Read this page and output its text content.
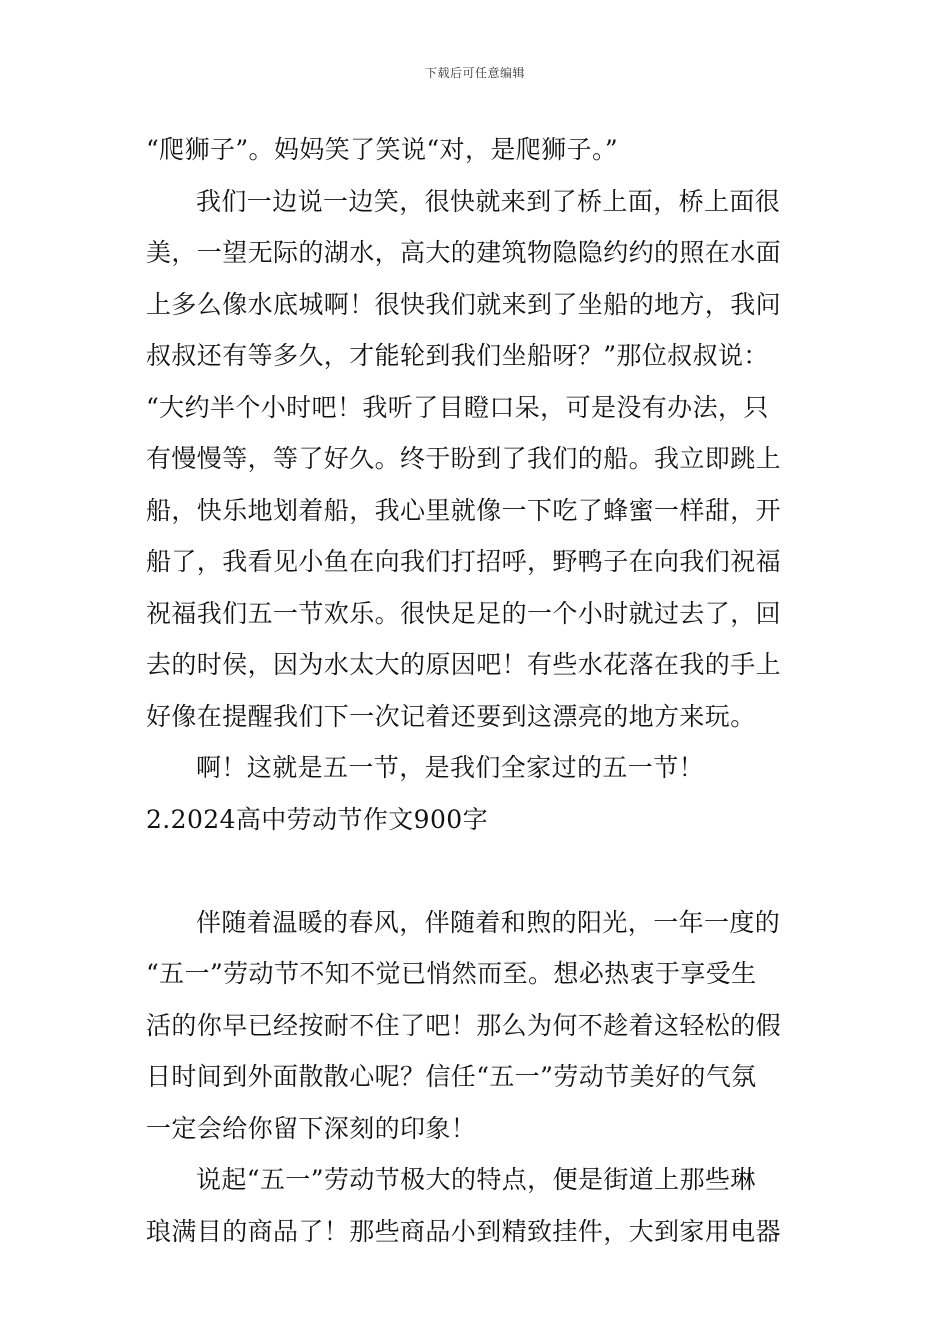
下载后可任意编辑
“爬狮子”。妈妈笑了笑说“对，是爬狮子。”
我们一边说一边笑，很快就来到了桥上面，桥上面很
美，一望无际的湖水，高大的建筑物隐隐约约的照在水面
上多么像水底城啊！很快我们就来到了坐船的地方，我问
叔叔还有等多久，才能轮到我们坐船呀？”那位叔叔说：
“大约半个小时吧！我听了目瞪口呆，可是没有办法，只
有慢慢等，等了好久。终于盼到了我们的船。我立即跳上
船，快乐地划着船，我心里就像一下吃了蜂蜜一样甜，开
船了，我看见小鱼在向我们打招呼，野鸭子在向我们祝福
祝福我们五一节欢乐。很快足足的一个小时就过去了，回
去的时侯，因为水太大的原因吧！有些水花落在我的手上
好像在提醒我们下一次记着还要到这漂亮的地方来玩。
啊！这就是五一节，是我们全家过的五一节！
2.2024高中劳动节作文900字
伴随着温暖的春风，伴随着和煦的阳光，一年一度的
“五一”劳动节不知不觉已悄然而至。想必热衷于享受生
活的你早已经按耐不住了吧！那么为何不趁着这轻松的假
日时间到外面散散心呢？信任“五一”劳动节美好的气氛
一定会给你留下深刻的印象！
说起“五一”劳动节极大的特点，便是街道上那些琳
琅满目的商品了！那些商品小到精致挂件，大到家用电器
